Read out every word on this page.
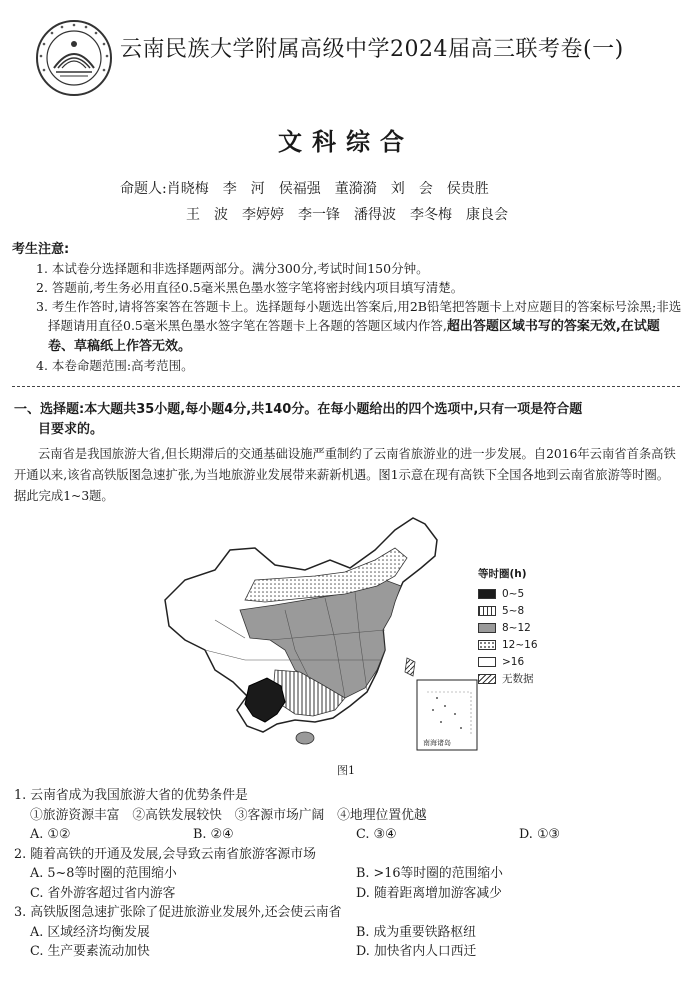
云南民族大学附属高级中学2024届高三联考卷(一)
文科综合
命题人:肖晓梅　李　河　侯福强　董漪漪　刘　会　侯贵胜
王　波　李婷婷　李一锋　潘得波　李冬梅　康良会
考生注意:
1. 本试卷分选择题和非选择题两部分。满分300分,考试时间150分钟。
2. 答题前,考生务必用直径0.5毫米黑色墨水签字笔将密封线内项目填写清楚。
3. 考生作答时,请将答案答在答题卡上。选择题每小题选出答案后,用2B铅笔把答题卡上对应题目的答案标号涂黑;非选择题请用直径0.5毫米黑色墨水签字笔在答题卡上各题的答题区域内作答,超出答题区域书写的答案无效,在试题卷、草稿纸上作答无效。
4. 本卷命题范围:高考范围。
一、选择题:本大题共35小题,每小题4分,共140分。在每小题给出的四个选项中,只有一项是符合题
目要求的。
云南省是我国旅游大省,但长期滞后的交通基础设施严重制约了云南省旅游业的进一步发展。自2016年云南省首条高铁开通以来,该省高铁版图急速扩张,为当地旅游业发展带来薪新机遇。图1示意在现有高铁下全国各地到云南省旅游等时圈。据此完成1~3题。
南海诸岛
等时圈(h)
0~5
5~8
8~12
12~16
>16
无数据
图1
1. 云南省成为我国旅游大省的优势条件是
①旅游资源丰富　②高铁发展较快　③客源市场广阔　④地理位置优越
A. ①②	B. ②④	C. ③④	D. ①③
2. 随着高铁的开通及发展,会导致云南省旅游客源市场
A. 5~8等时圈的范围缩小	B. >16等时圈的范围缩小
C. 省外游客超过省内游客	D. 随着距离增加游客减少
3. 高铁版图急速扩张除了促进旅游业发展外,还会使云南省
A. 区域经济均衡发展	B. 成为重要铁路枢纽
C. 生产要素流动加快	D. 加快省内人口西迁
